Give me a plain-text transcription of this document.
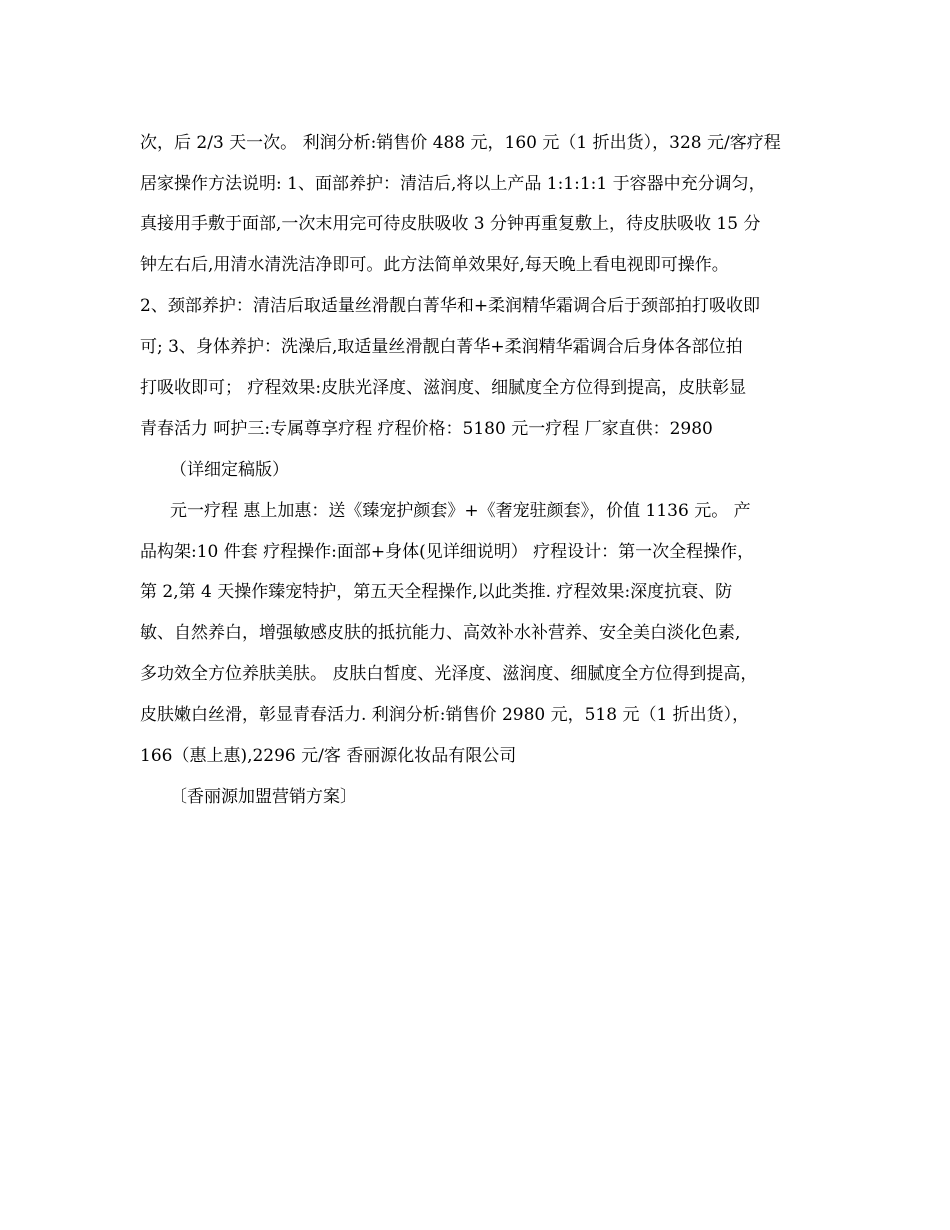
次，后 2/3 天一次。 利润分析:销售价 488 元，160 元（1 折出货），328 元/客疗程
居家操作方法说明: 1、面部养护：清洁后,将以上产品 1:1:1:1 于容器中充分调匀，
真接用手敷于面部,一次末用完可待皮肤吸收 3 分钟再重复敷上，待皮肤吸收 15 分
钟左右后,用清水清洗洁净即可。此方法简单效果好,每天晚上看电视即可操作。
2、颈部养护：清洁后取适量丝滑靓白菁华和+柔润精华霜调合后于颈部拍打吸收即
可; 3、身体养护：洗澡后,取适量丝滑靓白菁华+柔润精华霜调合后身体各部位拍
打吸收即可； 疗程效果:皮肤光泽度、滋润度、细腻度全方位得到提高，皮肤彰显
青春活力 呵护三:专属尊享疗程 疗程价格：5180 元一疗程 厂家直供：2980
（详细定稿版）
元一疗程 惠上加惠：送《臻宠护颜套》+《奢宠驻颜套》，价值 1136 元。 产
品构架:10 件套 疗程操作:面部+身体(见详细说明） 疗程设计：第一次全程操作，
第 2,第 4 天操作臻宠特护，第五天全程操作,以此类推. 疗程效果:深度抗衰、防
敏、自然养白，增强敏感皮肤的抵抗能力、高效补水补营养、安全美白淡化色素,
多功效全方位养肤美肤。 皮肤白皙度、光泽度、滋润度、细腻度全方位得到提高，
皮肤嫩白丝滑，彰显青春活力. 利润分析:销售价 2980 元，518 元（1 折出货），
166（惠上惠),2296 元/客 香丽源化妆品有限公司
〔香丽源加盟营销方案〕
